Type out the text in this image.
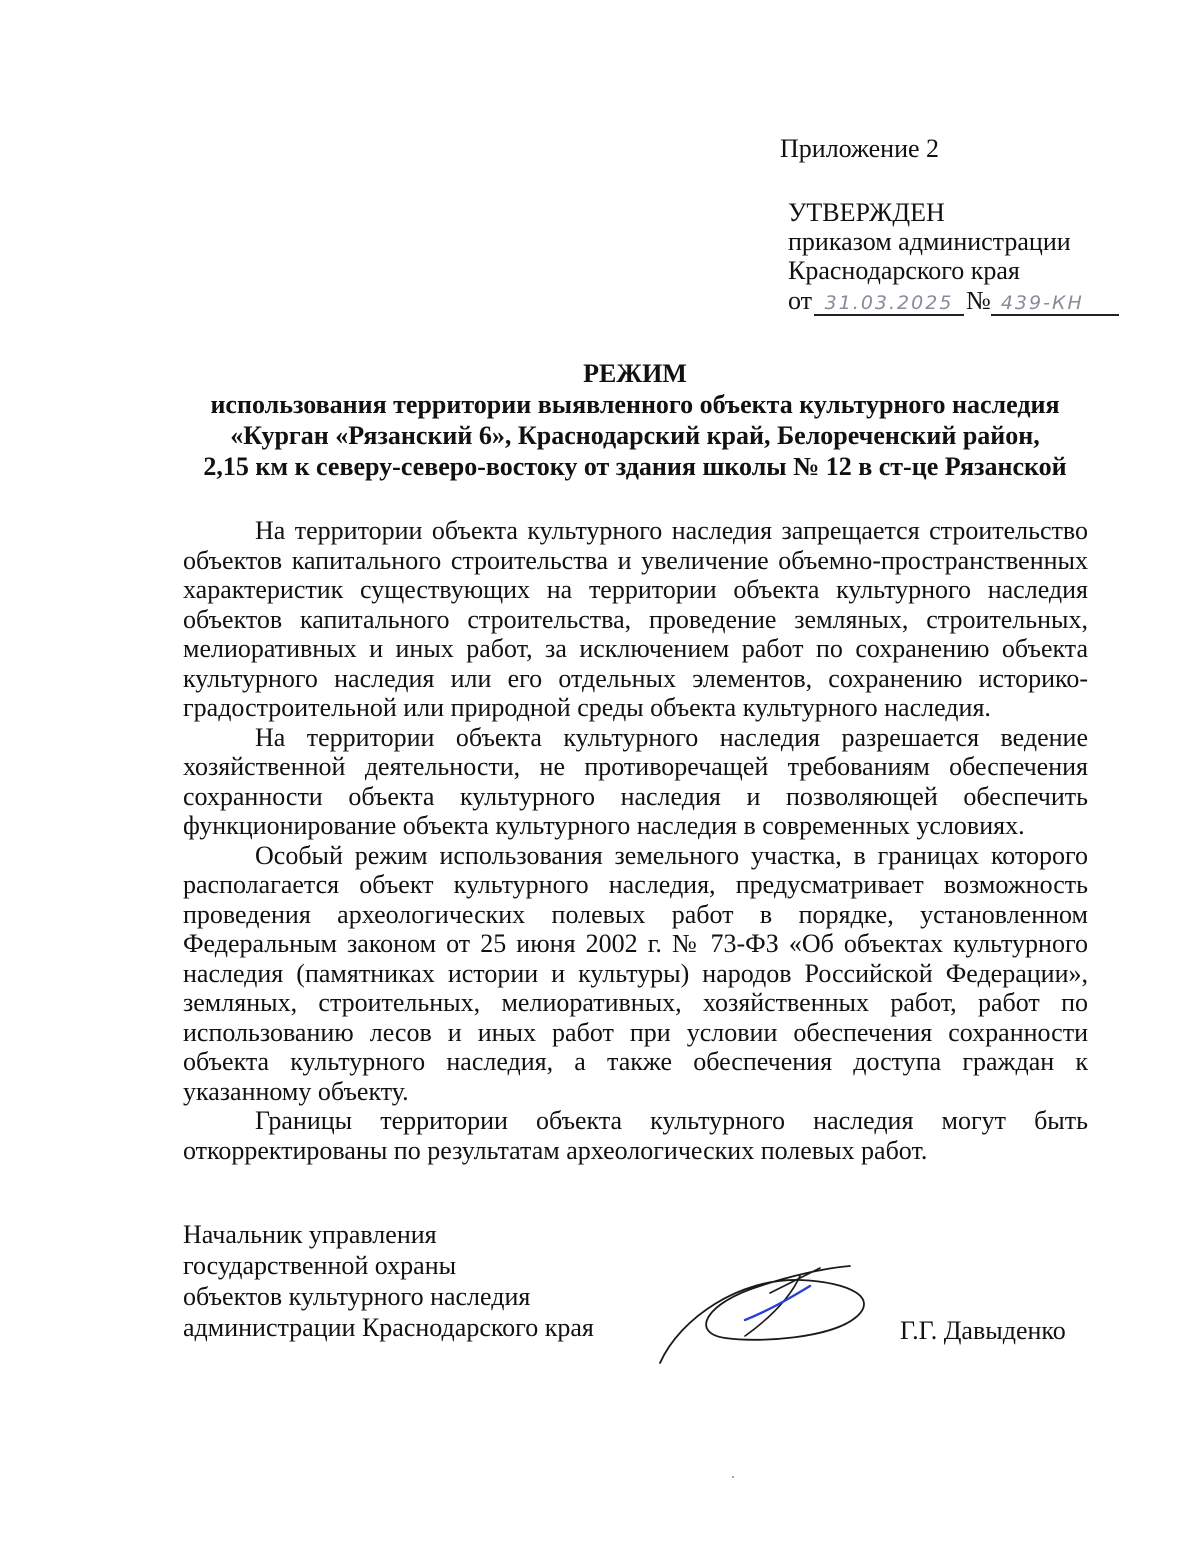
Приложение 2
УТВЕРЖДЕН
приказом администрации
Краснодарского края
от 31.03.2025 № 439-КН
РЕЖИМ
использования территории выявленного объекта культурного наследия
«Курган «Рязанский 6», Краснодарский край, Белореченский район,
2,15 км к северу-северо-востоку от здания школы № 12 в ст-це Рязанской

На территории объекта культурного наследия запрещается строительство объектов капитального строительства и увеличение объемно-пространственных характеристик существующих на территории объекта культурного наследия объектов капитального строительства, проведение земляных, строительных, мелиоративных и иных работ, за исключением работ по сохранению объекта культурного наследия или его отдельных элементов, сохранению историко-градостроительной или природной среды объекта культурного наследия.

На территории объекта культурного наследия разрешается ведение хозяйственной деятельности, не противоречащей требованиям обеспечения сохранности объекта культурного наследия и позволяющей обеспечить функционирование объекта культурного наследия в современных условиях.

Особый режим использования земельного участка, в границах которого располагается объект культурного наследия, предусматривает возможность проведения археологических полевых работ в порядке, установленном Федеральным законом от 25 июня 2002 г. № 73-ФЗ «Об объектах культурного наследия (памятниках истории и культуры) народов Российской Федерации», земляных, строительных, мелиоративных, хозяйственных работ, работ по использованию лесов и иных работ при условии обеспечения сохранности объекта культурного наследия, а также обеспечения доступа граждан к указанному объекту.

Границы территории объекта культурного наследия могут быть откорректированы по результатам археологических полевых работ.

Начальник управления
государственной охраны
объектов культурного наследия
администрации Краснодарского края	Г.Г. Давыденко
